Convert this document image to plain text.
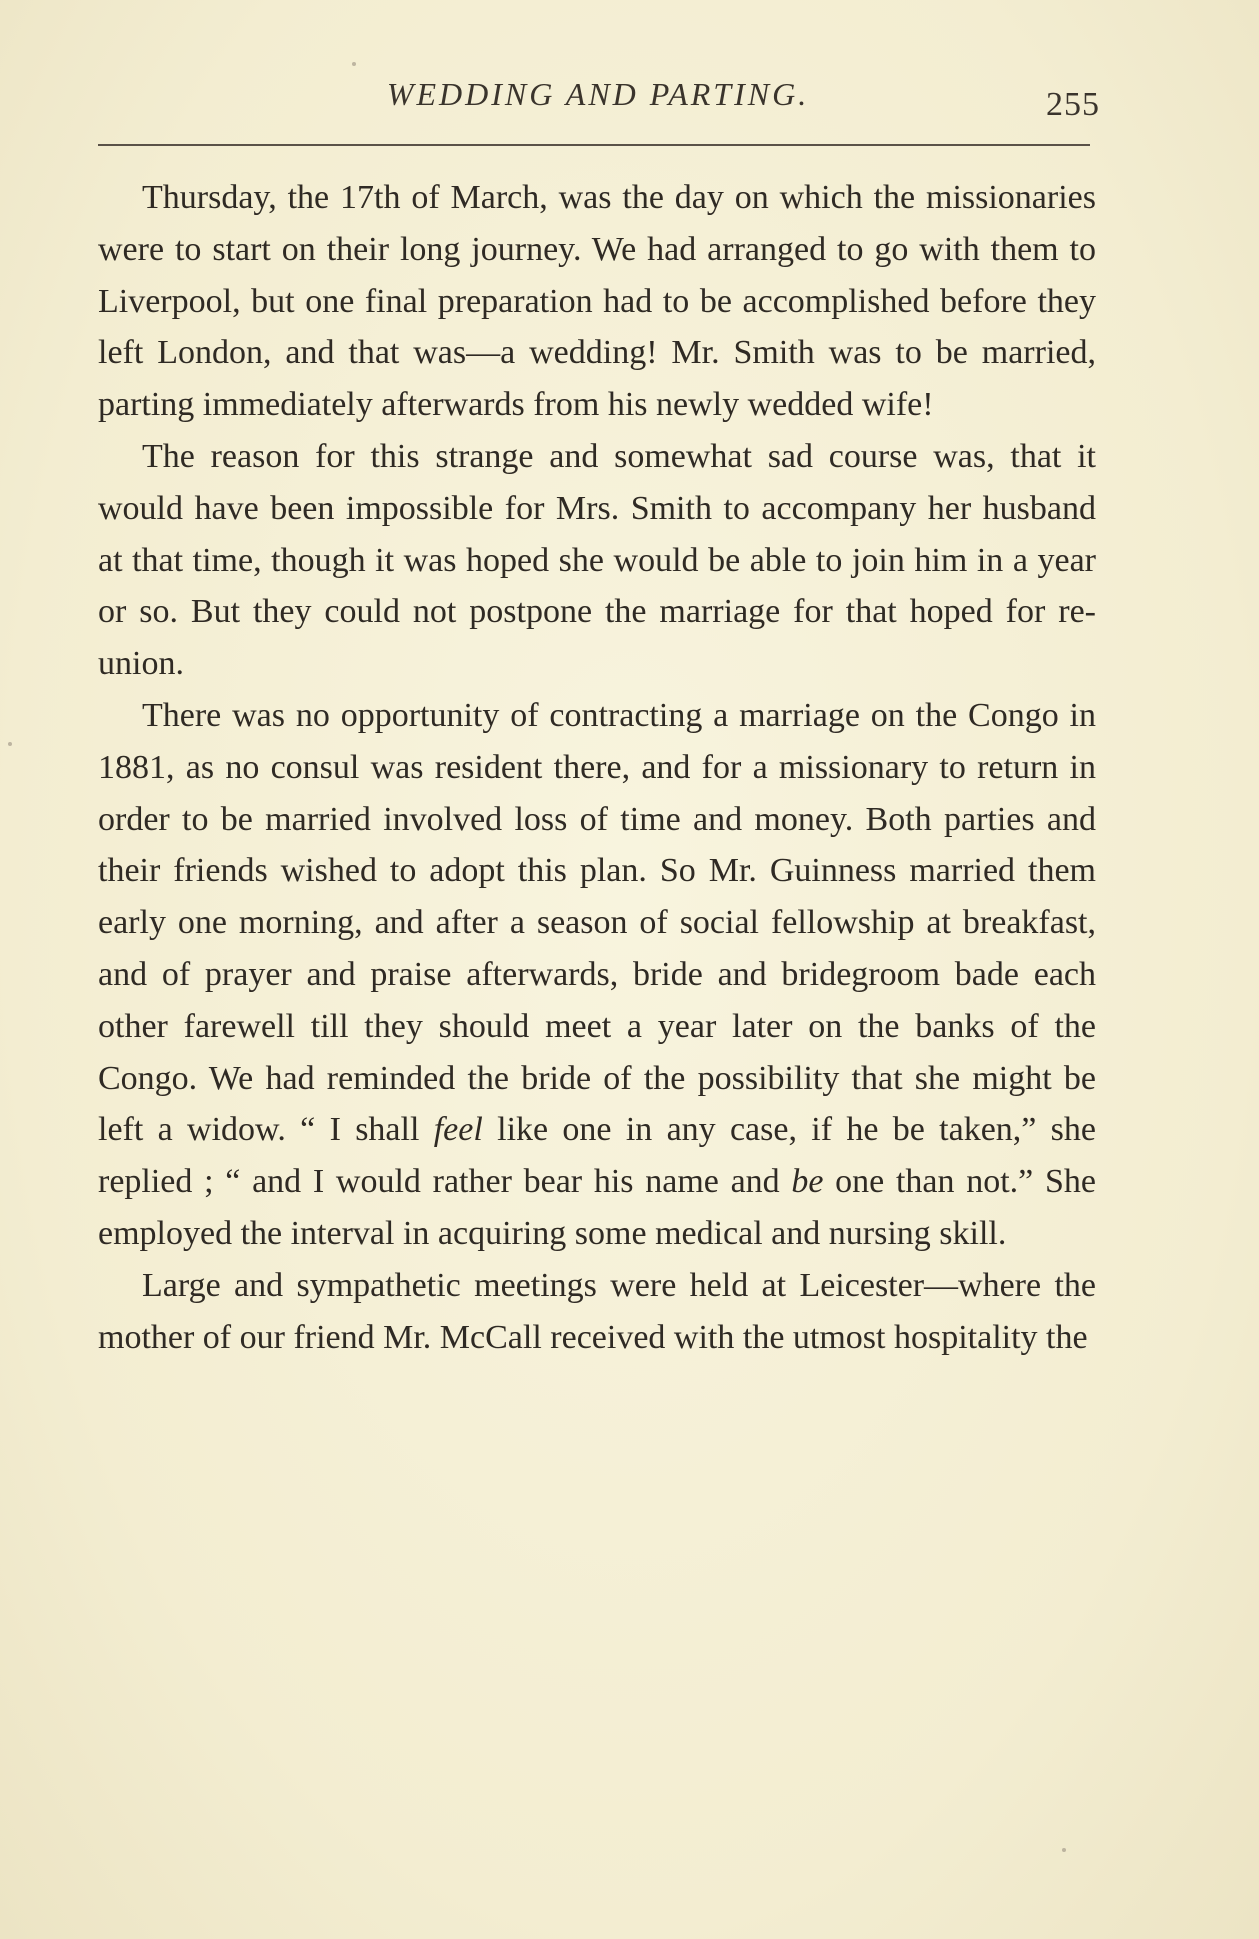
WEDDING AND PARTING.	255

Thursday, the 17th of March, was the day on which the missionaries were to start on their long journey. We had arranged to go with them to Liverpool, but one final preparation had to be accomplished before they left London, and that was—a wedding! Mr. Smith was to be married, parting immediately afterwards from his newly wedded wife!

The reason for this strange and somewhat sad course was, that it would have been impossible for Mrs. Smith to accompany her husband at that time, though it was hoped she would be able to join him in a year or so. But they could not postpone the marriage for that hoped for re-union.

There was no opportunity of contracting a marriage on the Congo in 1881, as no consul was resident there, and for a missionary to return in order to be married involved loss of time and money. Both parties and their friends wished to adopt this plan. So Mr. Guinness married them early one morning, and after a season of social fellowship at breakfast, and of prayer and praise afterwards, bride and bridegroom bade each other farewell till they should meet a year later on the banks of the Congo. We had reminded the bride of the possibility that she might be left a widow. “ I shall feel like one in any case, if he be taken,” she replied ; “ and I would rather bear his name and be one than not.” She employed the interval in acquiring some medical and nursing skill.

Large and sympathetic meetings were held at Leicester—where the mother of our friend Mr. McCall received with the utmost hospitality the
